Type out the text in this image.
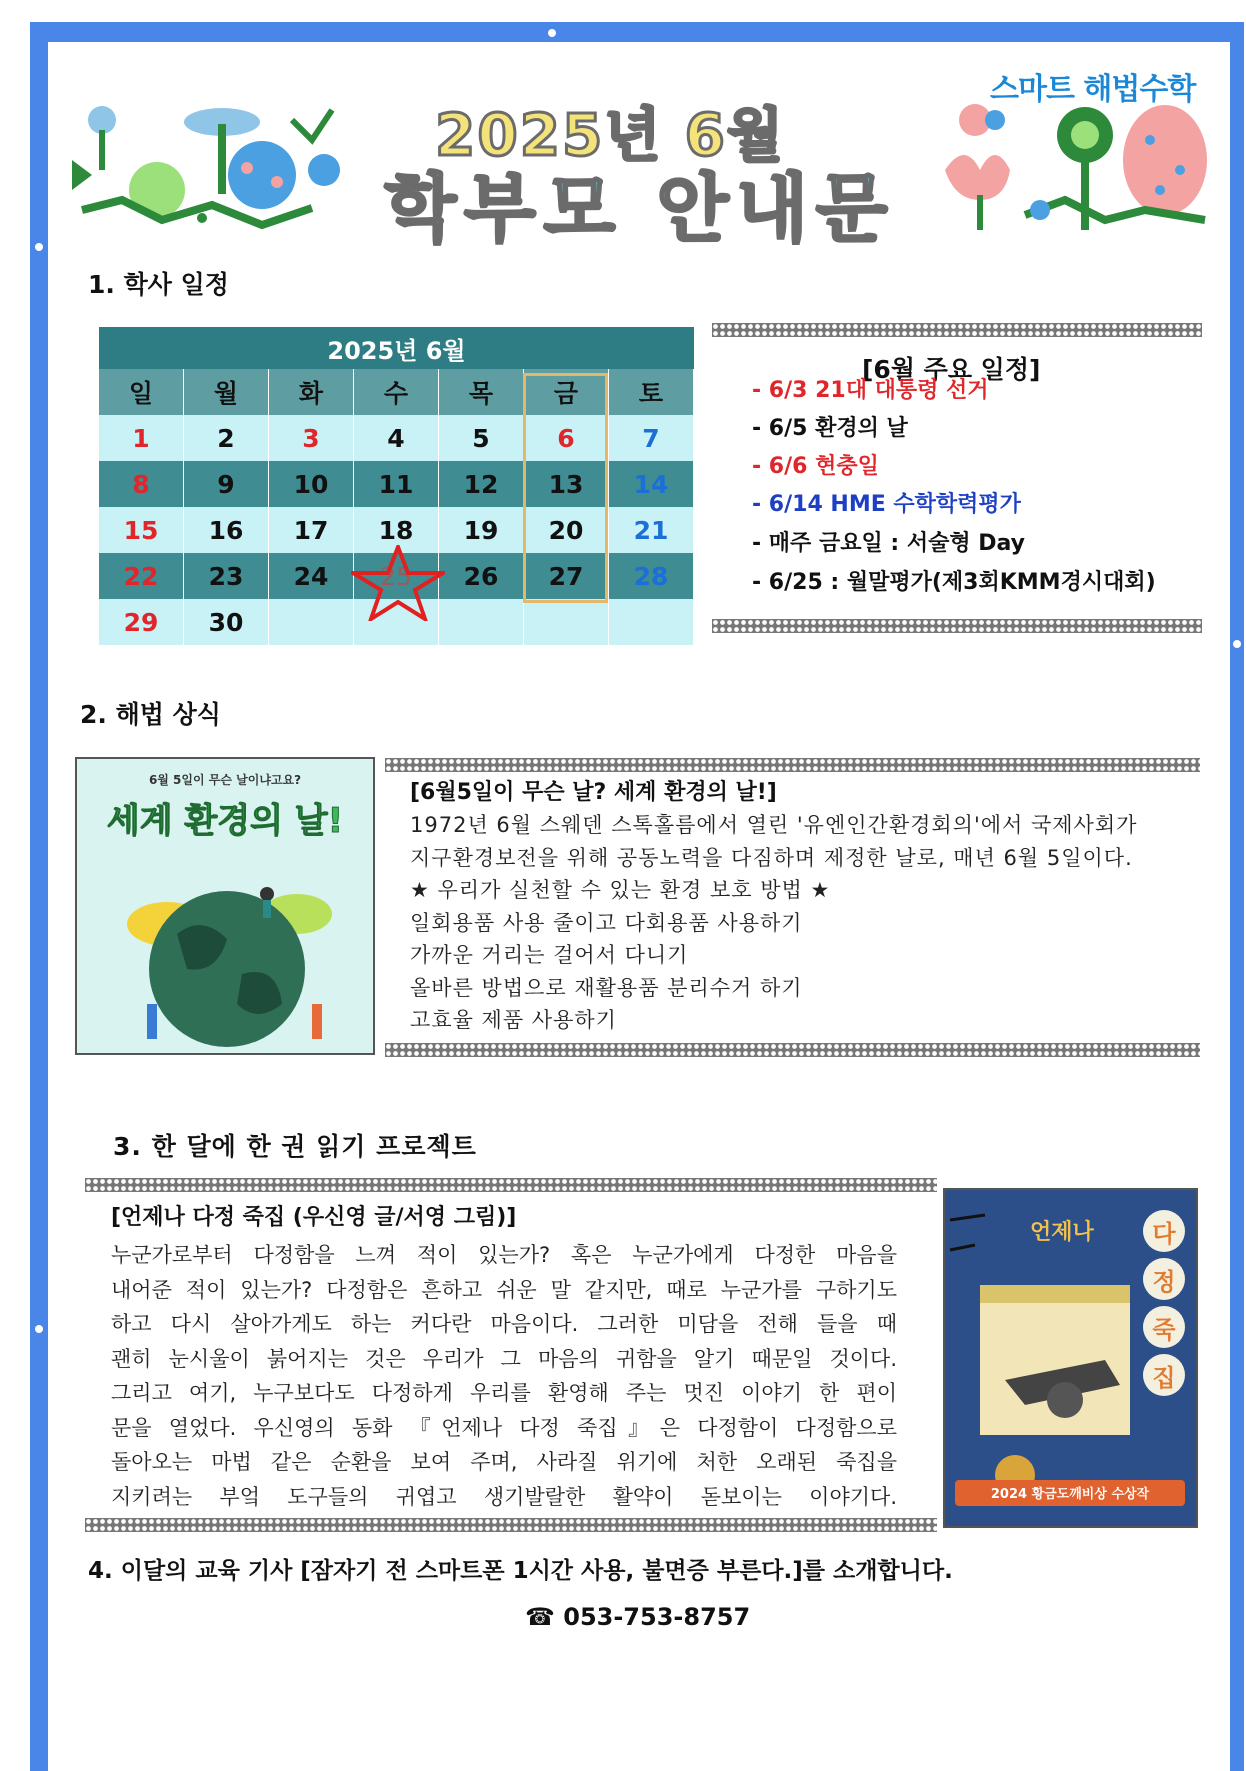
2025년 6월
학부모 안내문
스마트 해법수학
1. 학사 일정
2025년 6월
일	월	화	수	목	금	토
1	2	3	4	5	6	7
8	9	10	11	12	13	14
15	16	17	18	19	20	21
22	23	24	25	26	27	28
29	30
[6월 주요 일정]
- 6/3 21대 대통령 선거
- 6/5 환경의 날
- 6/6 현충일
- 6/14 HME 수학학력평가
- 매주 금요일 : 서술형 Day
- 6/25 : 월말평가(제3회KMM경시대회)
2. 해법 상식
6월 5일이 무슨 날이냐고요?
세계 환경의 날!
[6월5일이 무슨 날? 세계 환경의 날!]
1972년 6월 스웨덴 스톡홀름에서 열린 '유엔인간환경회의'에서 국제사회가
지구환경보전을 위해 공동노력을 다짐하며 제정한 날로, 매년 6월 5일이다.
★ 우리가 실천할 수 있는 환경 보호 방법 ★
일회용품 사용 줄이고 다회용품 사용하기
가까운 거리는 걸어서 다니기
올바른 방법으로 재활용품 분리수거 하기
고효율 제품 사용하기
3. 한 달에 한 권 읽기 프로젝트
[언제나 다정 죽집 (우신영 글/서영 그림)]
누군가로부터 다정함을 느껴 적이 있는가? 혹은 누군가에게 다정한 마음을
내어준 적이 있는가? 다정함은 흔하고 쉬운 말 같지만, 때로 누군가를 구하기도
하고 다시 살아가게도 하는 커다란 마음이다. 그러한 미담을 전해 들을 때
괜히 눈시울이 붉어지는 것은 우리가 그 마음의 귀함을 알기 때문일 것이다.
그리고 여기, 누구보다도 다정하게 우리를 환영해 주는 멋진 이야기 한 편이
문을 열었다. 우신영의 동화 『언제나 다정 죽집』은 다정함이 다정함으로
돌아오는 마법 같은 순환을 보여 주며, 사라질 위기에 처한 오래된 죽집을
지키려는 부엌 도구들의 귀엽고 생기발랄한 활약이 돋보이는 이야기다.
언제나	다
정
죽
집
2024 황금도깨비상 수상작
4. 이달의 교육 기사 [잠자기 전 스마트폰 1시간 사용, 불면증 부른다.]를 소개합니다.
☎ 053-753-8757
